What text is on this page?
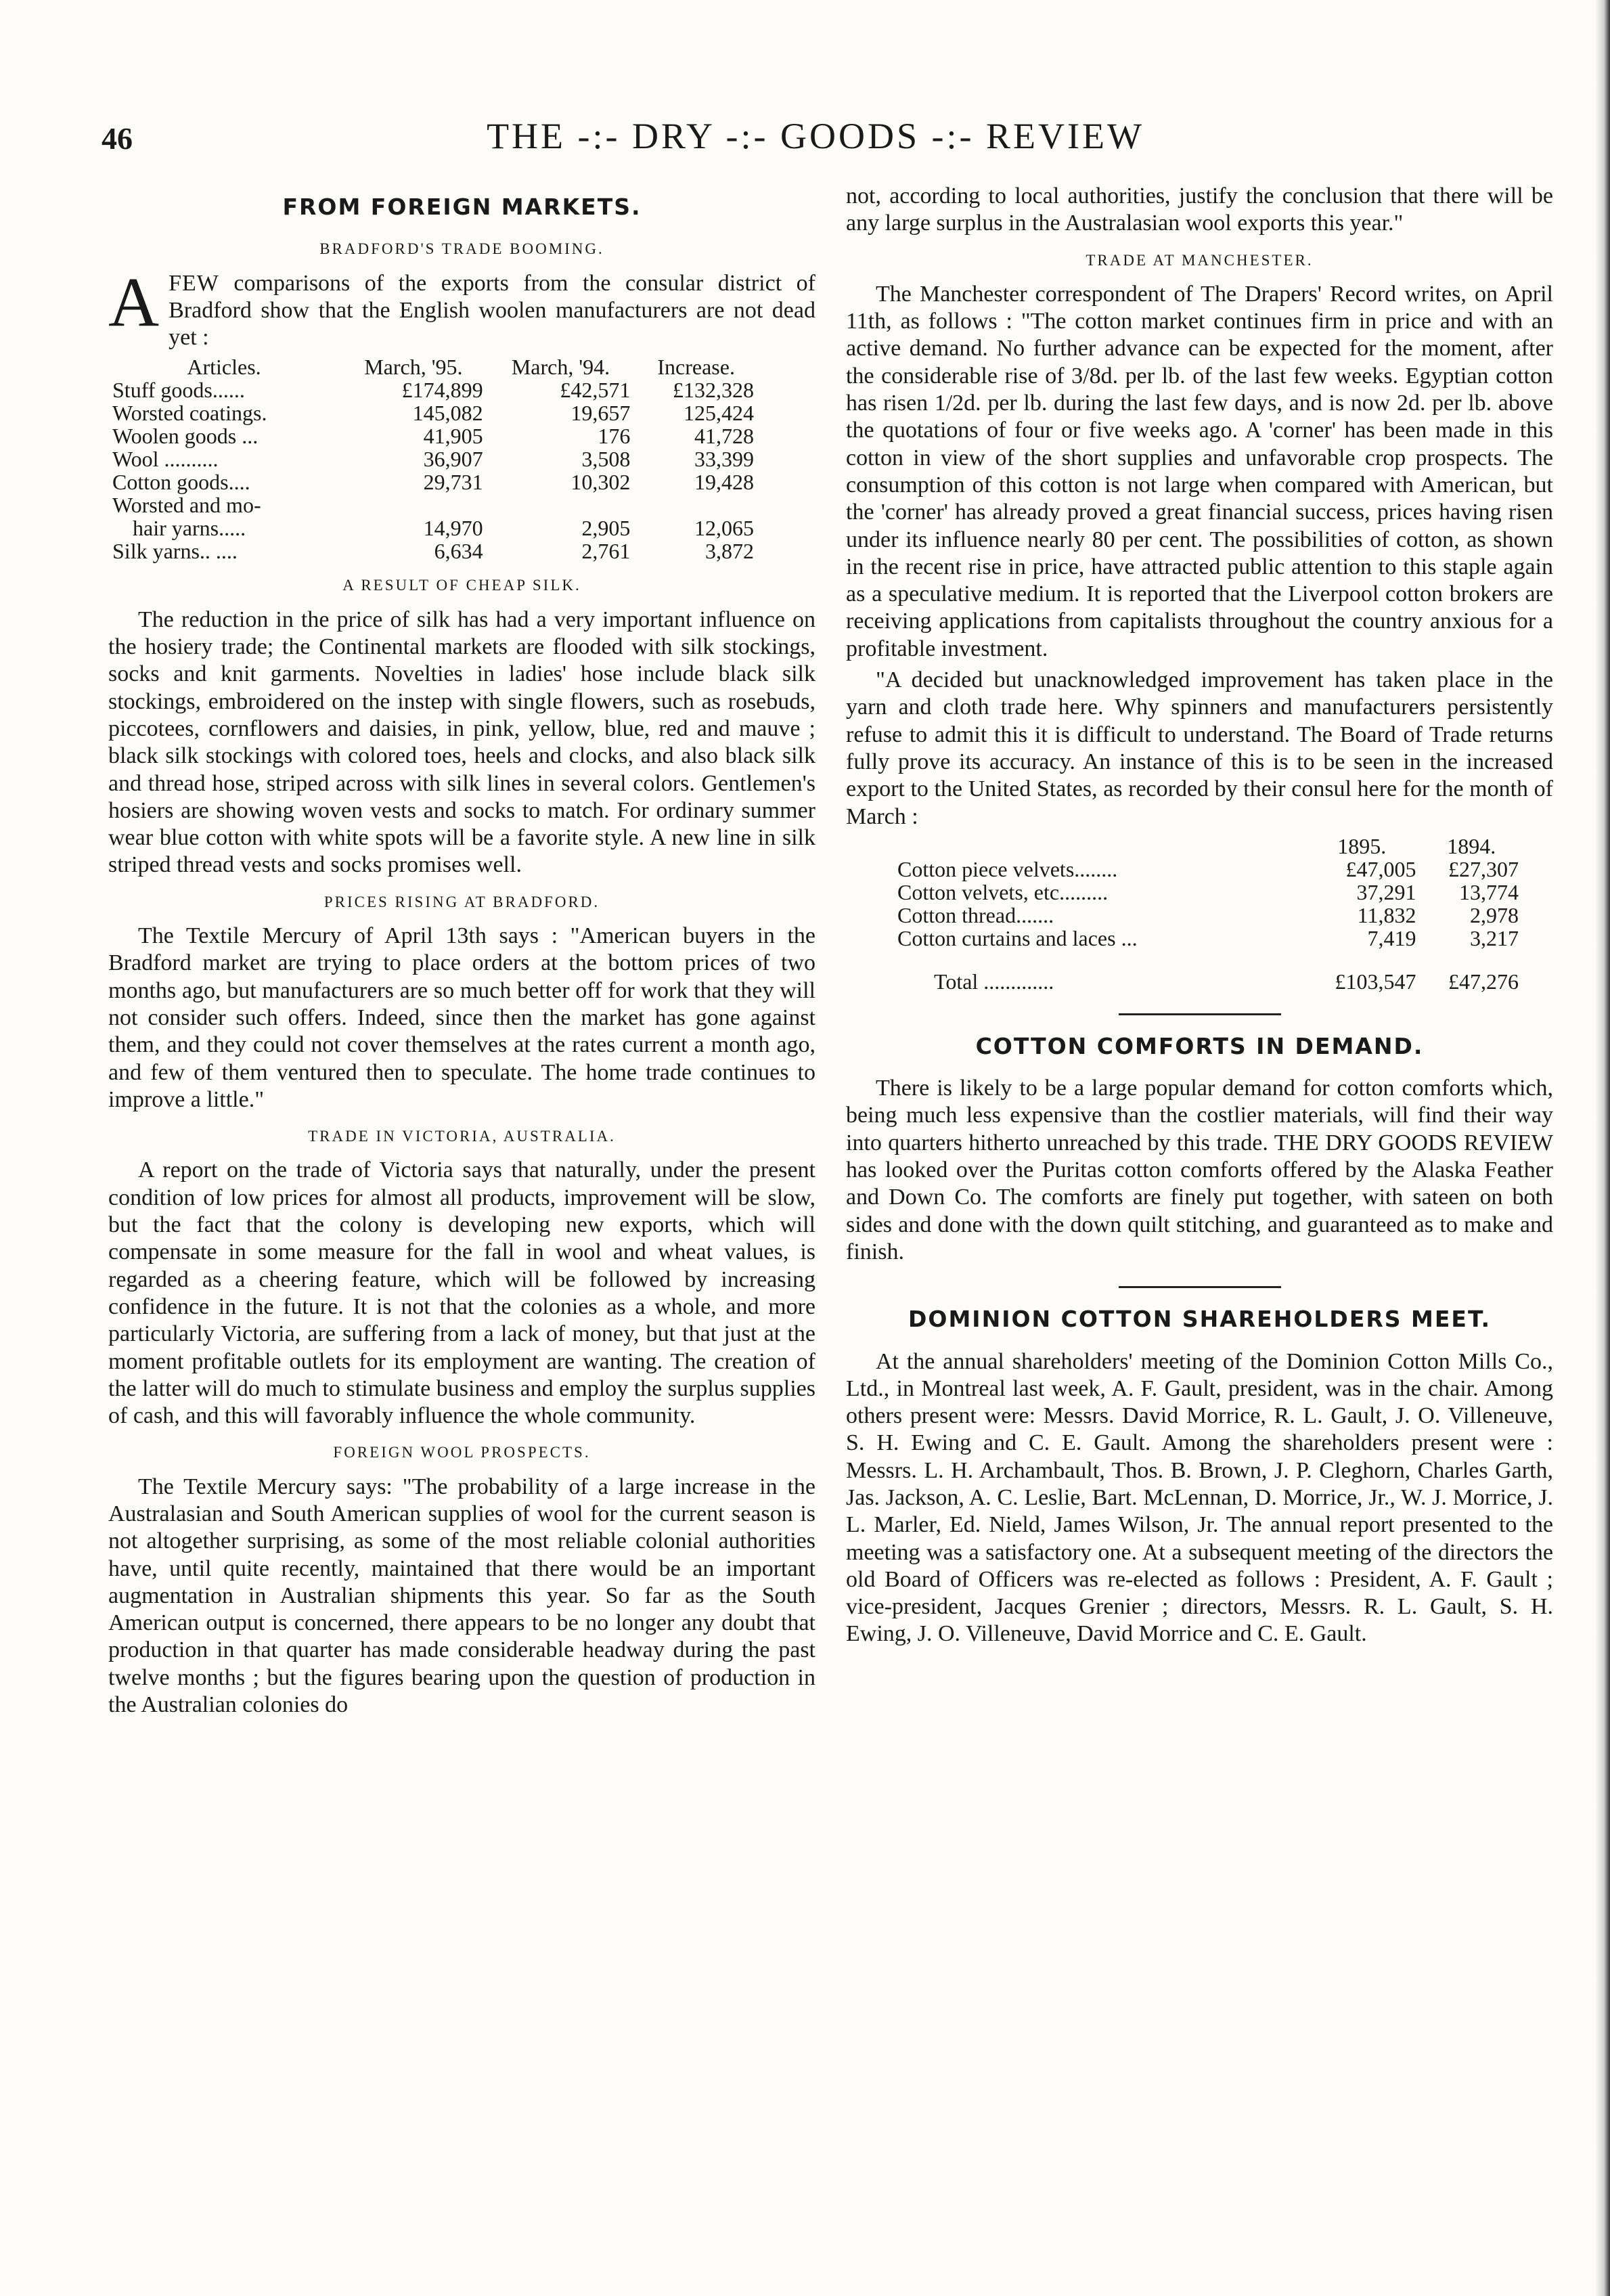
46	THE -:- DRY -:- GOODS -:- REVIEW
FROM FOREIGN MARKETS.
BRADFORD'S TRADE BOOMING.

AFEW comparisons of the exports from the consular district of Bradford show that the English woolen manufacturers are not dead yet :

Articles.	March, '95.	March, '94.	Increase.
Stuff goods......	£174,899	£42,571	£132,328
Worsted coatings.	145,082	19,657	125,424
Woolen goods ...	41,905	176	41,728
Wool ..........	36,907	3,508	33,399
Cotton goods....	29,731	10,302	19,428
Worsted and mo-			
hair yarns.....	14,970	2,905	12,065
Silk yarns.. ....	6,634	2,761	3,872
A RESULT OF CHEAP SILK.

The reduction in the price of silk has had a very important influence on the hosiery trade; the Continental markets are flooded with silk stockings, socks and knit garments. Novelties in ladies' hose include black silk stockings, embroidered on the instep with single flowers, such as rosebuds, piccotees, cornflowers and daisies, in pink, yellow, blue, red and mauve ; black silk stockings with colored toes, heels and clocks, and also black silk and thread hose, striped across with silk lines in several colors. Gentlemen's hosiers are showing woven vests and socks to match. For ordinary summer wear blue cotton with white spots will be a favorite style. A new line in silk striped thread vests and socks promises well.

PRICES RISING AT BRADFORD.

The Textile Mercury of April 13th says : "American buyers in the Bradford market are trying to place orders at the bottom prices of two months ago, but manufacturers are so much better off for work that they will not consider such offers. Indeed, since then the market has gone against them, and they could not cover themselves at the rates current a month ago, and few of them ventured then to speculate. The home trade continues to improve a little."

TRADE IN VICTORIA, AUSTRALIA.

A report on the trade of Victoria says that naturally, under the present condition of low prices for almost all products, improvement will be slow, but the fact that the colony is developing new exports, which will compensate in some measure for the fall in wool and wheat values, is regarded as a cheering feature, which will be followed by increasing confidence in the future. It is not that the colonies as a whole, and more particularly Victoria, are suffering from a lack of money, but that just at the moment profitable outlets for its employment are wanting. The creation of the latter will do much to stimulate business and employ the surplus supplies of cash, and this will favorably influence the whole community.

FOREIGN WOOL PROSPECTS.

The Textile Mercury says: "The probability of a large increase in the Australasian and South American supplies of wool for the current season is not altogether surprising, as some of the most reliable colonial authorities have, until quite recently, maintained that there would be an important augmentation in Australian shipments this year. So far as the South American output is concerned, there appears to be no longer any doubt that production in that quarter has made considerable headway during the past twelve months ; but the figures bearing upon the question of production in the Australian colonies do

not, according to local authorities, justify the conclusion that there will be any large surplus in the Australasian wool exports this year."

TRADE AT MANCHESTER.

The Manchester correspondent of The Drapers' Record writes, on April 11th, as follows : "The cotton market continues firm in price and with an active demand. No further advance can be expected for the moment, after the considerable rise of 3/8d. per lb. of the last few weeks. Egyptian cotton has risen 1/2d. per lb. during the last few days, and is now 2d. per lb. above the quotations of four or five weeks ago. A 'corner' has been made in this cotton in view of the short supplies and unfavorable crop prospects. The consumption of this cotton is not large when compared with American, but the 'corner' has already proved a great financial success, prices having risen under its influence nearly 80 per cent. The possibilities of cotton, as shown in the recent rise in price, have attracted public attention to this staple again as a speculative medium. It is reported that the Liverpool cotton brokers are receiving applications from capitalists throughout the country anxious for a profitable investment.

"A decided but unacknowledged improvement has taken place in the yarn and cloth trade here. Why spinners and manufacturers persistently refuse to admit this it is difficult to understand. The Board of Trade returns fully prove its accuracy. An instance of this is to be seen in the increased export to the United States, as recorded by their consul here for the month of March :

	1895.	1894.
Cotton piece velvets........	£47,005	£27,307
Cotton velvets, etc.........	37,291	13,774
Cotton thread.......	11,832	2,978
Cotton curtains and laces ...	7,419	3,217
Total .............	£103,547	£47,276
COTTON COMFORTS IN DEMAND.

There is likely to be a large popular demand for cotton comforts which, being much less expensive than the costlier materials, will find their way into quarters hitherto unreached by this trade. THE DRY GOODS REVIEW has looked over the Puritas cotton comforts offered by the Alaska Feather and Down Co. The comforts are finely put together, with sateen on both sides and done with the down quilt stitching, and guaranteed as to make and finish.

DOMINION COTTON SHAREHOLDERS MEET.

At the annual shareholders' meeting of the Dominion Cotton Mills Co., Ltd., in Montreal last week, A. F. Gault, president, was in the chair. Among others present were: Messrs. David Morrice, R. L. Gault, J. O. Villeneuve, S. H. Ewing and C. E. Gault. Among the shareholders present were : Messrs. L. H. Archambault, Thos. B. Brown, J. P. Cleghorn, Charles Garth, Jas. Jackson, A. C. Leslie, Bart. McLennan, D. Morrice, Jr., W. J. Morrice, J. L. Marler, Ed. Nield, James Wilson, Jr. The annual report presented to the meeting was a satisfactory one. At a subsequent meeting of the directors the old Board of Officers was re-elected as follows : President, A. F. Gault ; vice-president, Jacques Grenier ; directors, Messrs. R. L. Gault, S. H. Ewing, J. O. Villeneuve, David Morrice and C. E. Gault.
